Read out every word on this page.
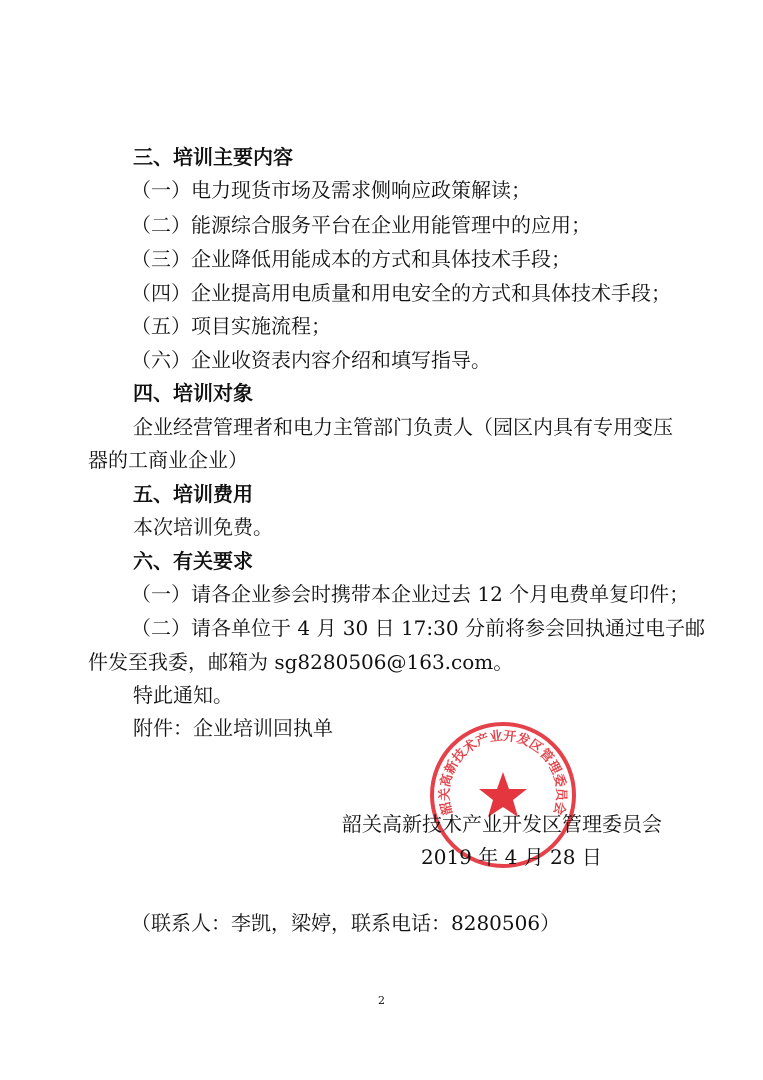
三、培训主要内容
（一）电力现货市场及需求侧响应政策解读；
（二）能源综合服务平台在企业用能管理中的应用；
（三）企业降低用能成本的方式和具体技术手段；
（四）企业提高用电质量和用电安全的方式和具体技术手段；
（五）项目实施流程；
（六）企业收资表内容介绍和填写指导。
四、培训对象
企业经营管理者和电力主管部门负责人（园区内具有专用变压
器的工商业企业）
五、培训费用
本次培训免费。
六、有关要求
（一）请各企业参会时携带本企业过去 12 个月电费单复印件；
（二）请各单位于 4 月 30 日 17:30 分前将参会回执通过电子邮
件发至我委，邮箱为 sg8280506@163.com。
特此通知。
附件：企业培训回执单
韶关高新技术产业开发区管理委员会
韶关高新技术产业开发区管理委员会
2019 年 4 月 28 日
（联系人：李凯，梁婷，联系电话：8280506）
2
